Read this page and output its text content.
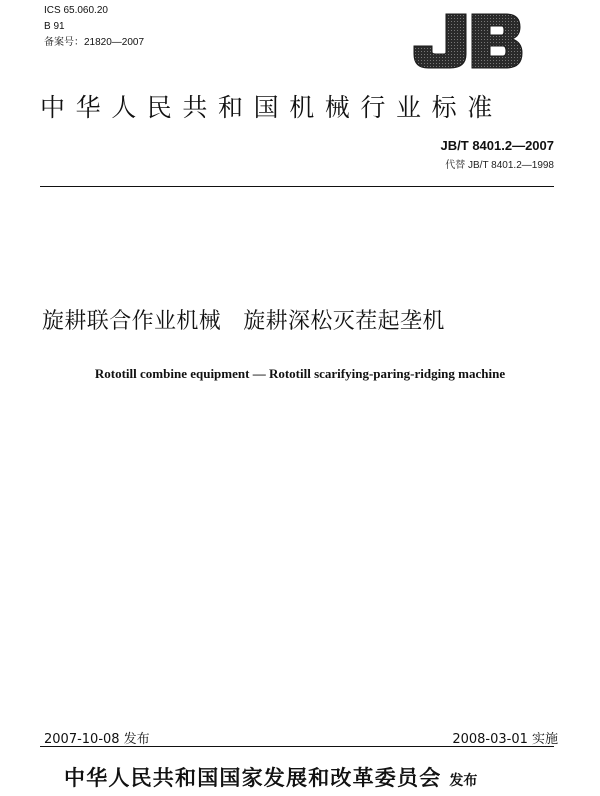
ICS 65.060.20
B 91
备案号：21820—2007
中华人民共和国机械行业标准
JB/T 8401.2—2007
代替 JB/T 8401.2—1998
旋耕联合作业机械 旋耕深松灭茬起垄机
Rototill combine equipment — Rototill scarifying-paring-ridging machine
2007-10-08 发布	2008-03-01 实施
中华人民共和国国家发展和改革委员会 发布
